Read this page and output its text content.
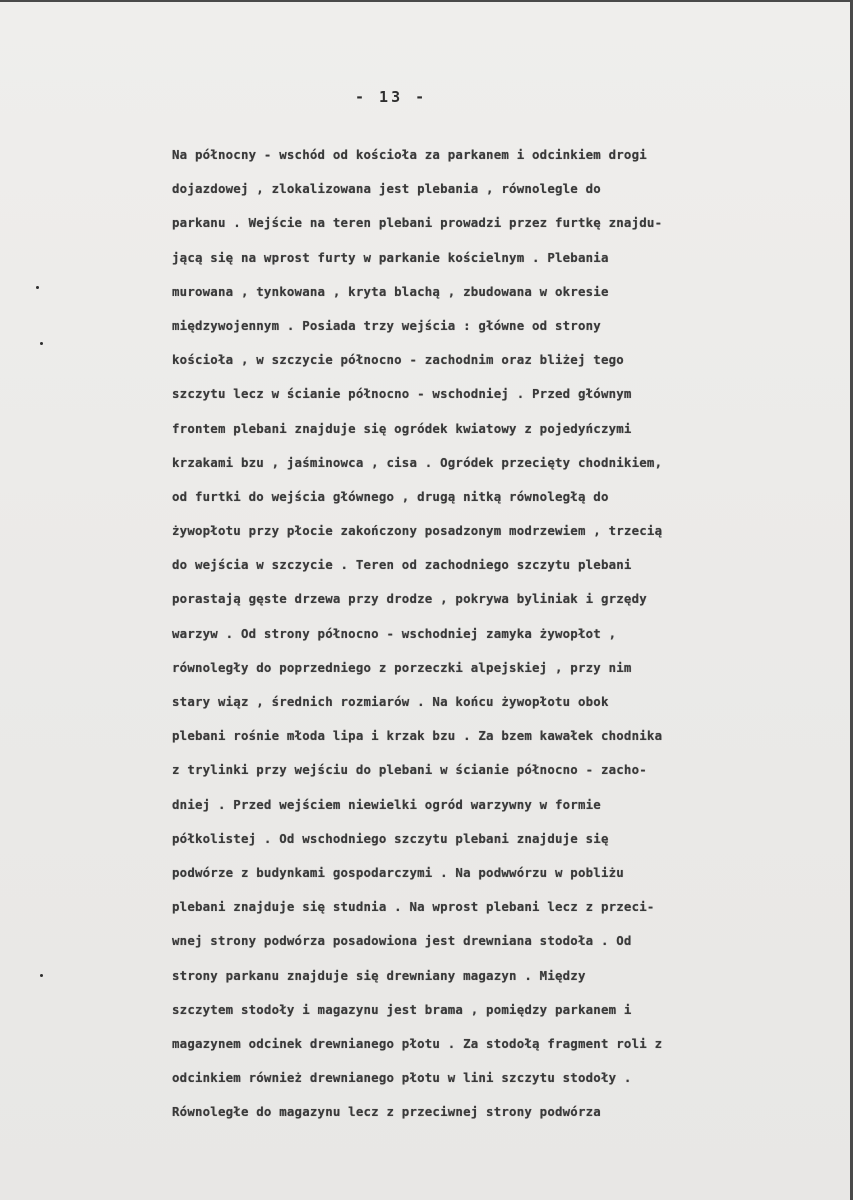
- 13 -
Na północny - wschód od kościoła za parkanem i odcinkiem drogi
dojazdowej , zlokalizowana jest plebania , równolegle do
parkanu . Wejście na teren plebani prowadzi przez furtkę znajdu-
jącą się na wprost furty w parkanie kościelnym . Plebania
murowana , tynkowana , kryta blachą , zbudowana w okresie
międzywojennym . Posiada trzy wejścia : główne od strony
kościoła , w szczycie północno - zachodnim oraz bliżej tego
szczytu lecz w ścianie północno - wschodniej . Przed głównym
frontem plebani znajduje się ogródek kwiatowy z pojedyńczymi
krzakami bzu , jaśminowca , cisa . Ogródek przecięty chodnikiem,
od furtki do wejścia głównego , drugą nitką równoległą do
żywopłotu przy płocie zakończony posadzonym modrzewiem , trzecią
do wejścia w szczycie . Teren od zachodniego szczytu plebani
porastają gęste drzewa przy drodze , pokrywa byliniak i grzędy
warzyw . Od strony północno - wschodniej zamyka żywopłot ,
równoległy do poprzedniego z porzeczki alpejskiej , przy nim
stary wiąz , średnich rozmiarów . Na końcu żywopłotu obok
plebani rośnie młoda lipa i krzak bzu . Za bzem kawałek chodnika
z trylinki przy wejściu do plebani w ścianie północno - zacho-
dniej . Przed wejściem niewielki ogród warzywny w formie
półkolistej . Od wschodniego szczytu plebani znajduje się
podwórze z budynkami gospodarczymi . Na podwwórzu w pobliżu
plebani znajduje się studnia . Na wprost plebani lecz z przeci-
wnej strony podwórza posadowiona jest drewniana stodoła . Od
strony parkanu znajduje się drewniany magazyn . Między
szczytem stodoły i magazynu jest brama , pomiędzy parkanem i
magazynem odcinek drewnianego płotu . Za stodołą fragment roli z
odcinkiem również drewnianego płotu w lini szczytu stodoły .
Równoległe do magazynu lecz z przeciwnej strony podwórza
